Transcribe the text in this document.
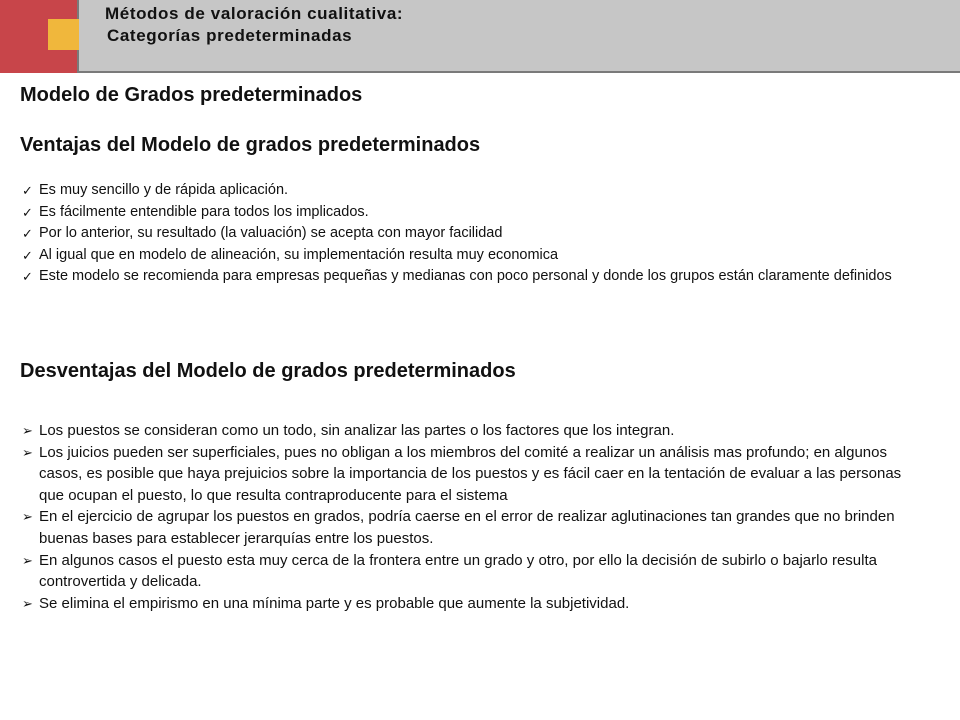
Métodos de valoración cualitativa:
Categorías predeterminadas
Modelo de Grados predeterminados
Ventajas del Modelo de grados predeterminados
✓ Es muy sencillo y de rápida aplicación.
✓ Es fácilmente entendible para todos los implicados.
✓ Por lo anterior, su resultado (la valuación) se acepta con mayor facilidad
✓ Al igual que en modelo de alineación, su implementación resulta muy economica
✓ Este modelo se recomienda para empresas pequeñas y medianas con poco personal y donde los grupos están claramente definidos
Desventajas del Modelo de grados predeterminados
➢ Los puestos se consideran como un todo, sin analizar las partes o los factores que los integran.
➢ Los juicios pueden ser superficiales, pues no obligan a los miembros del comité a realizar un análisis mas profundo; en algunos casos, es posible que haya prejuicios sobre la importancia de los puestos y es fácil caer en la tentación de evaluar a las personas que ocupan el puesto, lo que resulta contraproducente para el sistema
➢ En el ejercicio de agrupar los puestos en grados, podría caerse en el error de realizar aglutinaciones tan grandes que no brinden buenas bases para establecer jerarquías entre los puestos.
➢ En algunos casos el puesto esta muy cerca de la frontera entre un grado y otro, por ello la decisión de subirlo o bajarlo resulta controvertida y delicada.
➢ Se elimina el empirismo en una mínima parte y es probable que aumente la subjetividad.
